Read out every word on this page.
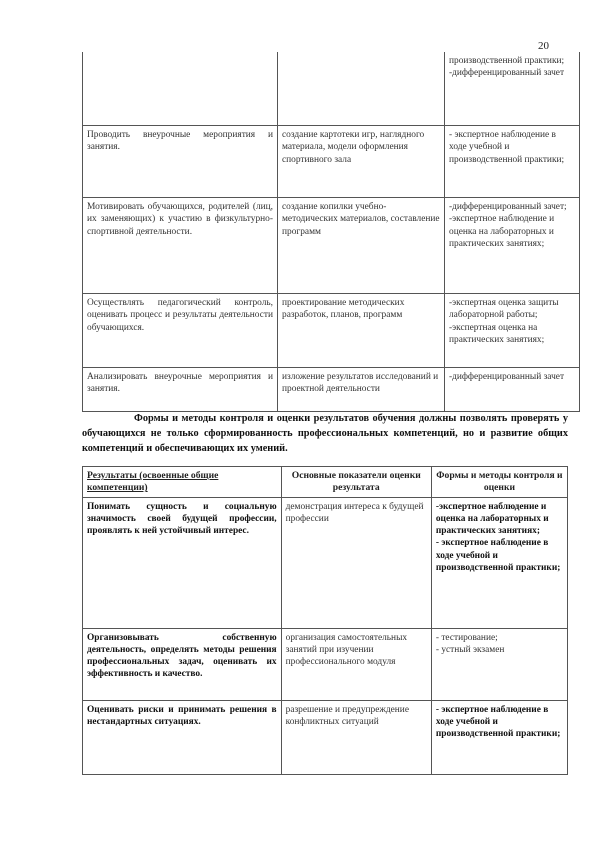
20
		производственной практики;
-дифференцированный зачет
Проводить внеурочные мероприятия и занятия.	создание картотеки игр, наглядного материала, модели оформления спортивного зала	- экспертное наблюдение в ходе учебной и производственной практики;
Мотивировать обучающихся, родителей (лиц, их заменяющих) к участию в физкультурно-спортивной деятельности.	создание копилки учебно-методических материалов, составление программ	-дифференцированный зачет;
-экспертное наблюдение и оценка на лабораторных и практических занятиях;
Осуществлять педагогический контроль, оценивать процесс и результаты деятельности обучающихся.	проектирование методических разработок, планов, программ	-экспертная оценка защиты лабораторной работы;
-экспертная оценка на практических занятиях;
Анализировать внеурочные мероприятия и занятия.	изложение результатов исследований и проектной деятельности	-дифференцированный зачет
Формы и методы контроля и оценки результатов обучения должны позволять проверять у обучающихся не только сформированность профессиональных компетенций, но и развитие общих компетенций и обеспечивающих их умений.
Результаты (освоенные общие компетенции)	Основные показатели оценки результата	Формы и методы контроля и оценки
Понимать сущность и социальную значимость своей будущей профессии, проявлять к ней устойчивый интерес.	демонстрация интереса к будущей профессии	-экспертное наблюдение и оценка на лабораторных и практических занятиях;
- экспертное наблюдение в ходе учебной и производственной практики;
Организовывать собственную деятельность, определять методы решения профессиональных задач, оценивать их эффективность и качество.	организация самостоятельных занятий при изучении профессионального модуля	- тестирование;
- устный экзамен
Оценивать риски и принимать решения в нестандартных ситуациях.	разрешение и предупреждение конфликтных ситуаций	- экспертное наблюдение в ходе учебной и производственной практики;
